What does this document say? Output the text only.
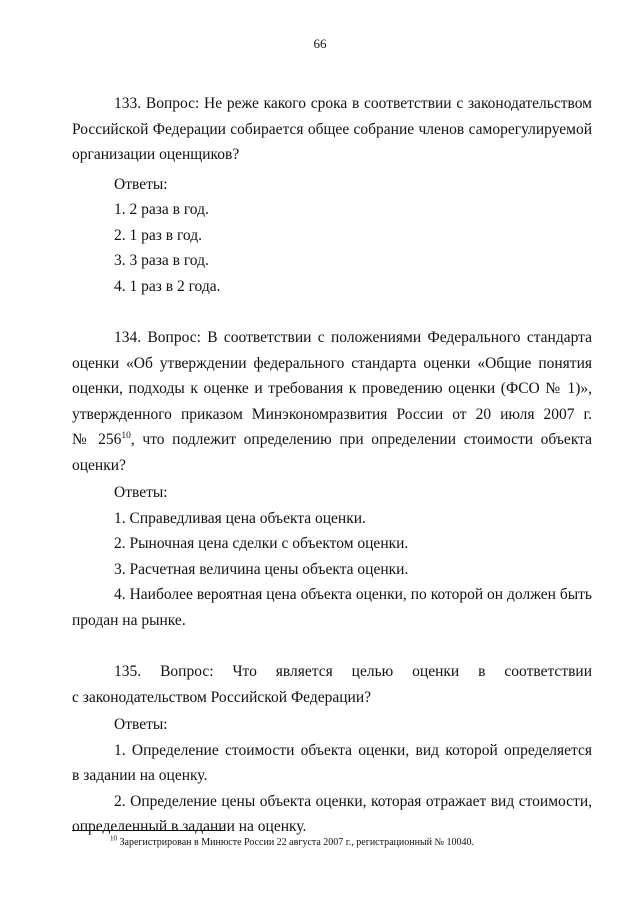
66
133. Вопрос: Не реже какого срока в соответствии с законодательством
Российской Федерации собирается общее собрание членов саморегулируемой
организации оценщиков?
Ответы:
1. 2 раза в год.
2. 1 раз в год.
3. 3 раза в год.
4. 1 раз в 2 года.
134. Вопрос: В соответствии с положениями Федерального стандарта
оценки «Об утверждении федерального стандарта оценки «Общие понятия
оценки, подходы к оценке и требования к проведению оценки (ФСО № 1)»,
утвержденного приказом Минэкономразвития России от 20 июля 2007 г.
№ $256^{10}$, что подлежит определению при определении стоимости объекта
оценки?
Ответы:
1. Справедливая цена объекта оценки.
2. Рыночная цена сделки с объектом оценки.
3. Расчетная величина цены объекта оценки.
4. Наиболее вероятная цена объекта оценки, по которой он должен быть
продан на рынке.
135. Вопрос: Что является целью оценки в соответствии
с законодательством Российской Федерации?
Ответы:
1. Определение стоимости объекта оценки, вид которой определяется
в задании на оценку.
2. Определение цены объекта оценки, которая отражает вид стоимости,
определенный в задании на оценку.
$^{10}$ Зарегистрирован в Минюсте России 22 августа 2007 г., регистрационный № 10040.
